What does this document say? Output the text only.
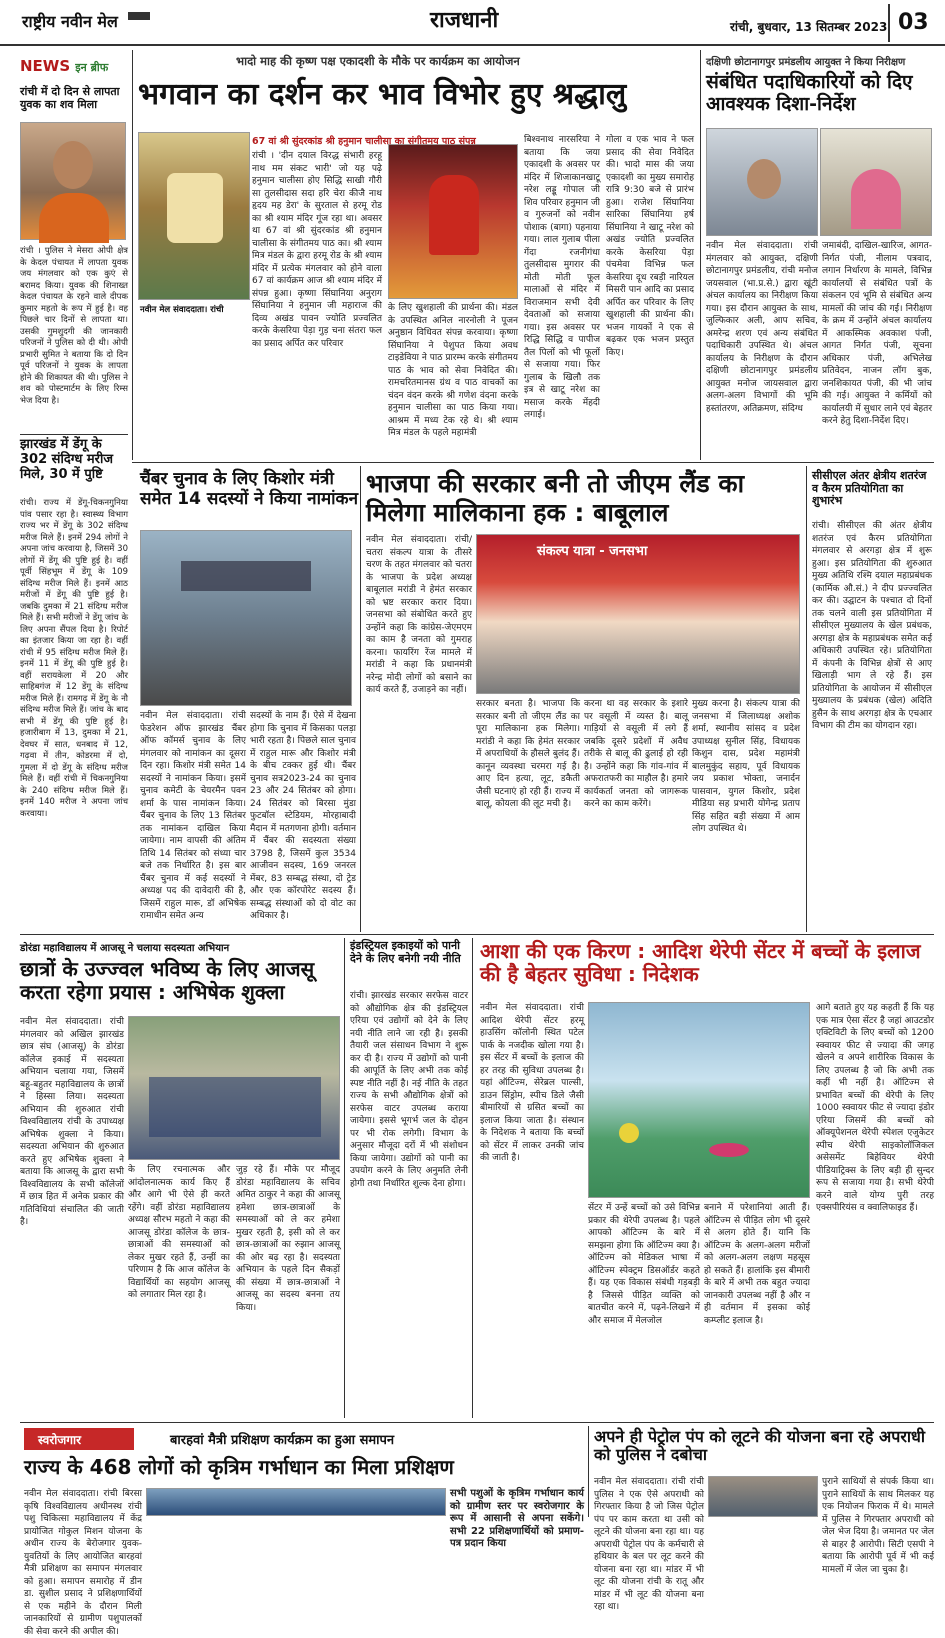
राष्ट्रीय नवीन मेल	राजधानी	रांची, बुधवार, 13 सितम्बर 2023 03
NEWS इन ब्रीफ
रांची में दो दिन से लापता युवक का शव मिला
रांची । पुलिस ने मेसरा ओपी क्षेत्र के केदल पंचायत में लापता युवक जय मंगलवार को एक कुएं से बरामद किया। युवक की शिनाख्त केदल पंचायत के रहने वाले दीपक कुमार महतो के रूप में हुई है। वह पिछले चार दिनों से लापता था। उसकी गुमशुदगी की जानकारी परिजनों ने पुलिस को दी थी। ओपी प्रभारी सुमित ने बताया कि दो दिन पूर्व परिजनों ने युवक के लापता होने की शिकायत की थी। पुलिस ने शव को पोस्टमार्टम के लिए रिम्स भेज दिया है।
झारखंड में डेंगू के 302 संदिग्ध मरीज मिले, 30 में पुष्टि
रांची। राज्य में डेंगू-चिकनगुनिया पांव पसार रहा है। स्वास्थ्य विभाग राज्य भर में डेंगू के 302 संदिग्ध मरीज मिले हैं। इनमें 294 लोगों ने अपना जांच करवाया है, जिसमें 30 लोगों में डेंगू की पुष्टि हुई है। वहीं पूर्वी सिंहभूम में डेंगू के 109 संदिग्ध मरीज मिले हैं। इनमें आठ मरीजों में डेंगू की पुष्टि हुई है। जबकि दुमका में 21 संदिग्ध मरीज मिले हैं। सभी मरीजों ने डेंगू जांच के लिए अपना सैंपल दिया है। रिपोर्ट का इंतजार किया जा रहा है। वहीं रांची में 95 संदिग्ध मरीज मिले हैं। इनमें 11 में डेंगू की पुष्टि हुई है। वहीं सरायकेला में 20 और साहिबगंज में 12 डेंगू के संदिग्ध मरीज मिले हैं। रामगढ़ में डेंगू के नौ संदिग्ध मरीज मिले हैं। जांच के बाद सभी में डेंगू की पुष्टि हुई है। हजारीबाग में 13, दुमका में 21, देवघर में सात, धनबाद में 12, गढ़वा में तीन, कोडरमा में दो, गुमला में दो डेंगू के संदिग्ध मरीज मिले हैं। वहीं रांची में चिकनगुनिया के 240 संदिग्ध मरीज मिले हैं। इनमें 140 मरीज ने अपना जांच करवाया।
भादो माह की कृष्ण पक्ष एकादशी के मौके पर कार्यक्रम का आयोजन
भगवान का दर्शन कर भाव विभोर हुए श्रद्धालु
67 वां श्री सुंदरकांड श्री हनुमान चालीसा का संगीतमय पाठ संपन्न
नवीन मेल संवाददाता। रांची
रांची । 'दीन दयाल विरद्ध संभारी हरहू नाथ मम संकट भारी' जो यह पढ़े हनुमान चालीसा होए सिद्धि साखी गौरी सा तुलसीदास सदा हरि चेरा कीजै नाथ हृदय मह डेरा' के सुरताल से हरमू रोड का श्री श्याम मंदिर गूंज रहा था। अवसर था 67 वां श्री सुंदरकांड श्री हनुमान चालीसा के संगीतमय पाठ का। श्री श्याम मित्र मंडल के द्वारा हरमू रोड के श्री श्याम मंदिर में प्रत्येक मंगलवार को होने वाला 67 वां कार्यक्रम आज श्री श्याम मंदिर में संपन्न हुआ। कृष्णा सिंघानिया अनुराग सिंघानिया ने हनुमान जी महाराज की दिव्य अखंड पावन ज्योति प्रज्वलित करके केसरिया पेड़ा गुड़ चना संतरा फल का प्रसाद अर्पित कर परिवार
के लिए खुशहाली की प्रार्थना की। मंडल के उपस्थित अनिल नारनोली ने पूजन अनुष्ठान विधिवत संपन्न करवाया। कृष्णा सिंघानिया ने पेशुपत किया अवध टाइडेविया ने पाठ प्रारम्भ करके संगीतमय पाठ के भाव को सेवा निवेदित की। रामचरितमानस ग्रंथ व पाठ वाचकों का चंदन वंदन करके श्री गणेश वंदना करके हनुमान चालीसा का पाठ किया गया। आश्रम में मध्य टेक रहे थे। श्री श्याम मित्र मंडल के पहले महामंत्री
बिश्वनाथ नारसरिया ने बताया कि जया एकादशी के अवसर पर मंदिर में शिजाकानखाटू नरेश लड्डू गोपाल जी शिव परिवार हनुमान जी व गुरुजनों को नवीन पोशाक (बागा) पहनाया गया। लाल गुलाब पीला गेंदा रजनीगंधा तुलसीदास मुगरार की मोती मोती फूल मालाओं से मंदिर में विराजमान सभी देवी देवताओं को सजाया गया। इस अवसर पर रिद्धि सिद्धि व पापीज तैल पिलों को भी फूलों से सजाया गया। फिर गुलाब के खिलौ तक इत्र से खाटू नरेश का मसाज करके मेंहदी लगाई।
गोला व एक भाव ने फल प्रसाद की सेवा निवेदित की। भादो मास की जया एकादशी का मुख्य समारोह रात्रि 9:30 बजे से प्रारंभ हुआ। राजेश सिंघानिया सारिका सिंघानिया हर्ष सिंघानिया ने खाटू नरेश को अखंड ज्योति प्रज्वलित करके केसरिया पेड़ा पंचमेवा विभिन्न फल केसरिया दूध रबड़ी नारियल मिसरी पान आदि का प्रसाद अर्पित कर परिवार के लिए खुशहाली की प्रार्थना की। भजन गायकों ने एक से बढ़कर एक भजन प्रस्तुत किए।
दक्षिणी छोटानागपुर प्रमंडलीय आयुक्त ने किया निरीक्षण
संबंधित पदाधिकारियों को दिए आवश्यक दिशा-निर्देश
नवीन मेल संवाददाता। रांची मंगलवार को आयुक्त, दक्षिणी छोटानागपुर प्रमंडलीय, रांची मनोज जयसवाल (भा.प्र.से.) द्वारा खूंटी अंचल कार्यालय का निरीक्षण किया गया। इस दौरान आयुक्त के साथ, जुल्फिकार अली, आप सचिव, अमरेन्द्र शरण एवं अन्य संबंधित पदाधिकारी उपस्थित थे। अंचल कार्यालय के निरीक्षण के दौरान दक्षिणी छोटानागपुर प्रमंडलीय आयुक्त मनोज जायसवाल द्वारा अलग-अलग विभागों की भूमि हस्तांतरण, अतिक्रमण, संदिग्ध
जमाबंदी, दाखिल-खारिज, आगत-निर्गत पंजी, नीलाम पत्रवाद, लगान निर्धारण के मामले, विभिन्न कार्यालयों से संबंधित पत्रों के संकलन एवं भूमि से संबंधित अन्य मामलों की जांच की गई। निरीक्षण के क्रम में उन्होंने अंचल कार्यालय में आकस्मिक अवकाश पंजी, आगत निर्गत पंजी, सूचना अधिकार पंजी, अभिलेख प्रतिवेदन, नाजन लॉग बुक, जनशिकायत पंजी, की भी जांच की गई। आयुक्त ने कर्मियों को कार्यालयी में सुधार लाने एवं बेहतर करने हेतु दिशा-निर्देश दिए।
चैंबर चुनाव के लिए किशोर मंत्री समेत 14 सदस्यों ने किया नामांकन
नवीन मेल संवाददाता। रांची फेडरेशन ऑफ झारखंड चैंबर ऑफ कॉमर्स चुनाव के लिए मंगलवार को नामांकन का दूसरा दिन रहा। किशोर मंत्री समेत 14 सदस्यों ने नामांकन किया। इसमें चुनाव कमेटी के चेयरमैन पवन शर्मा के पास नामांकन किया। चैंबर चुनाव के लिए 13 सितंबर तक नामांकन दाखिल किया जायेगा। नाम वापसी की अंतिम तिथि 14 सितंबर को संध्या चार बजे तक निर्धारित है। इस बार चैंबर चुनाव में कई सदस्यों ने अध्यक्ष पद की दावेदारी की है, जिसमें राहुल मारू, डॉ अभिषेक रामाधीन समेत अन्य
सदस्यों के नाम हैं। ऐसे में देखना होगा कि चुनाव में किसका पलड़ा भारी रहता है। पिछले साल चुनाव में राहुल मारू और किशोर मंत्री के बीच टक्कर हुई थी। चैंबर चुनाव सत्र2023-24 का चुनाव 23 और 24 सितंबर को होगा। 24 सितंबर को बिरसा मुंडा फुटबॉल स्टेडियम, मोरहाबादी मैदान में मतगणना होगी। वर्तमान में चैंबर की सदस्यता संख्या 3798 है, जिसमें कुल 3534 आजीवन सदस्य, 169 जनरल मेंबर, 83 सम्बद्ध संस्था, दो ट्रेड और एक कॉरपोरेट सदस्य हैं। सम्बद्ध संस्थाओं को दो वोट का अधिकार है।
भाजपा की सरकार बनी तो जीएम लैंड का मिलेगा मालिकाना हक : बाबूलाल
संकल्प यात्रा - जनसभा
नवीन मेल संवाददाता। रांची/चतरा संकल्प यात्रा के तीसरे चरण के तहत मंगलवार को चतरा के भाजपा के प्रदेश अध्यक्ष बाबूलाल मरांडी ने हेमंत सरकार को भ्रष्ट सरकार करार दिया। जनसभा को संबोधित करते हुए उन्होंने कहा कि कांग्रेस-जेएमएम का काम है जनता को गुमराह करना। फायरिंग रेंज मामले में मरांडी ने कहा कि प्रधानमंत्री नरेन्द्र मोदी लोगों को बसाने का कार्य करते हैं, उजाड़ने का नहीं।
सरकार बनता है। भाजपा कि सरकार बनी तो जीएम लैंड का पूरा मालिकाना हक मिलेगा। मरांडी ने कहा कि हेमंत सरकार में अपराधियों के हौसले बुलंद हैं। कानून व्यवस्था चरमरा गई है। आए दिन हत्या, लूट, डकैती जैसी घटनाएं हो रही हैं। राज्य में बालू, कोयला की लूट मची है।
करना था वह सरकार के इशारे पर वसूली में व्यस्त है। बालू गाड़ियों से वसूली में लगे हैं जबकि दूसरे प्रदेशों में अवैध तरीके से बालू की ढुलाई हो रही है। उन्होंने कहा कि गांव-गांव में अफरातफरी का माहौल है। हमारे कार्यकर्ता जनता को जागरूक करने का काम करेंगे।
मुख्य करना है। संकल्प यात्रा की जनसभा में जिलाध्यक्ष अशोक शर्मा, स्थानीय सांसद व प्रदेश उपाध्यक्ष सुनील सिंह, विधायक किशुन दास, प्रदेश महामंत्री बालमुकुंद सहाय, पूर्व विधायक जय प्रकाश भोक्ता, जनार्दन पासवान, युगल किशोर, प्रदेश मीडिया सह प्रभारी योगेन्द्र प्रताप सिंह सहित बड़ी संख्या में आम लोग उपस्थित थे।
सीसीएल अंतर क्षेत्रीय शतरंज व कैरम प्रतियोगिता का शुभारंभ
रांची। सीसीएल की अंतर क्षेत्रीय शतरंज एवं कैरम प्रतियोगिता मंगलवार से अरगड़ा क्षेत्र में शुरू हुआ। इस प्रतियोगिता की शुरुआत मुख्य अतिथि रश्मि दयाल महाप्रबंधक (कार्मिक औ.सं.) ने दीप प्रज्ज्वलित कर की। उद्घाटन के पश्चात दो दिनों तक चलने वाली इस प्रतियोगिता में सीसीएल मुख्यालय के खेल प्रबंधक, अरगड़ा क्षेत्र के महाप्रबंधक समेत कई अधिकारी उपस्थित रहे। प्रतियोगिता में कंपनी के विभिन्न क्षेत्रों से आए खिलाड़ी भाग ले रहे हैं। इस प्रतियोगिता के आयोजन में सीसीएल मुख्यालय के प्रबंधक (खेल) अदिति हुसैन के साथ अरगड़ा क्षेत्र के एचआर विभाग की टीम का योगदान रहा।
डोरंडा महाविद्यालय में आजसू ने चलाया सदस्यता अभियान
छात्रों के उज्ज्वल भविष्य के लिए आजसू करता रहेगा प्रयास : अभिषेक शुक्ला
नवीन मेल संवाददाता। रांची मंगलवार को अखिल झारखंड छात्र संघ (आजसू) के डोरंडा कॉलेज इकाई में सदस्यता अभियान चलाया गया, जिसमें बहू-बहुतर महाविद्यालय के छात्रों ने हिस्सा लिया। सदस्यता अभियान की शुरुआत रांची विश्वविद्यालय रांची के उपाध्यक्ष अभिषेक शुक्ला ने किया। सदस्यता अभियान की शुरुआत करते हुए अभिषेक शुक्ला ने बताया कि आजसू के द्वारा सभी विश्वविद्यालय के सभी कॉलेजों में छात्र हित में अनेक प्रकार की गतिविधियां संचालित की जाती है।
के लिए रचनात्मक और आंदोलनात्मक कार्य किए हैं और आगे भी ऐसे ही करते रहेंगे। वहीं डोरंडा महाविद्यालय अध्यक्ष सौरभ महतो ने कहा की आजसू डोरंडा कॉलेज के छात्र-छात्राओं की समस्याओं को लेकर मुखर रहते हैं, उन्हीं का परिणाम है कि आज कॉलेज के विद्यार्थियों का सहयोग आजसू को लगातार मिल रहा है।
जुड़ रहे हैं। मौके पर मौजूद डोरंडा महाविद्यालय के सचिव अमित ठाकुर ने कहा की आजसू हमेशा छात्र-छात्राओं के समस्याओं को ले कर हमेशा मुखर रहती है, इसी को ले कर छात्र-छात्राओं का रुझान आजसू की ओर बढ़ रहा है। सदस्यता अभियान के पहले दिन सैकड़ों की संख्या में छात्र-छात्राओं ने आजसू का सदस्य बनना तय किया।
इंडस्ट्रियल इकाइयों को पानी देने के लिए बनेगी नयी नीति
रांची। झारखंड सरकार सरफेस वाटर को औद्योगिक क्षेत्र की इंडस्ट्रियल एरिया एवं उद्योगों को देने के लिए नयी नीति लाने जा रही है। इसकी तैयारी जल संसाधन विभाग ने शुरू कर दी है। राज्य में उद्योगों को पानी की आपूर्ति के लिए अभी तक कोई स्पष्ट नीति नहीं है। नई नीति के तहत राज्य के सभी औद्योगिक क्षेत्रों को सरफेस वाटर उपलब्ध कराया जायेगा। इससे भूगर्भ जल के दोहन पर भी रोक लगेगी। विभाग के अनुसार मौजूदा दरों में भी संशोधन किया जायेगा। उद्योगों को पानी का उपयोग करने के लिए अनुमति लेनी होगी तथा निर्धारित शुल्क देना होगा।
आशा की एक किरण : आदिश थेरेपी सेंटर में बच्चों के इलाज की है बेहतर सुविधा : निदेशक
नवीन मेल संवाददाता। रांची आदिश थेरेपी सेंटर हरमू हाउसिंग कॉलोनी स्थित पटेल पार्क के नजदीक खोला गया है। इस सेंटर में बच्चों के इलाज की हर तरह की सुविधा उपलब्ध है। यहां ऑटिज्म, सेरेब्रल पाल्सी, डाउन सिंड्रोम, स्पीच डिले जैसी बीमारियों से ग्रसित बच्चों का इलाज किया जाता है। संस्थान के निदेशक ने बताया कि बच्चों को सेंटर में लाकर उनकी जांच की जाती है।
सेंटर में उन्हें बच्चों को उसे विभिन्न प्रकार की थेरेपी उपलब्ध है। पहले आपको ऑटिज्म के बारे में समझना होगा कि ऑटिज्म क्या है। ऑटिज्म को मेडिकल भाषा में ऑटिज्म स्पेक्ट्रम डिसऑर्डर कहते हैं। यह एक विकास संबंधी गड़बड़ी है जिससे पीड़ित व्यक्ति को बातचीत करने में, पढ़ने-लिखने में और समाज में मेलजोल
बनाने में परेशानियां आती हैं। ऑटिज्म से पीड़ित लोग भी दूसरे से अलग होते हैं। यानि कि ऑटिज्म के अलग-अलग मरीजों को अलग-अलग लक्षण महसूस हो सकते हैं। हालांकि इस बीमारी के बारे में अभी तक बहुत ज्यादा जानकारी उपलब्ध नहीं है और न ही वर्तमान में इसका कोई कम्प्लीट इलाज है।
आगे बताते हुए यह कहती हैं कि यह एक मात्र ऐसा सेंटर है जहां आउटडोर एक्टिविटी के लिए बच्चों को 1200 स्क्वायर फीट से ज्यादा की जगह खेलने व अपने शारीरिक विकास के लिए उपलब्ध है जो कि अभी तक कहीं भी नहीं है। ऑटिज्म से प्रभावित बच्चों की थेरेपी के लिए 1000 स्क्वायर फीट से ज्यादा इंडोर एरिया जिसमें की बच्चों को ऑक्यूपेशनल थेरेपी स्पेशल एजुकेटर स्पीच थेरेपी साइकोलॉजिकल असेसमेंट बिहेवियर थेरेपी पीडियाट्रिक्स के लिए बड़ी ही सुन्दर रूप से सजाया गया है। सभी थेरेपी करने वाले योग्य पुरी तरह एक्सपीरियंस व क्वालिफाइड हैं।
स्वरोजगार	बारहवां मैत्री प्रशिक्षण कार्यक्रम का हुआ समापन
राज्य के 468 लोगों को कृत्रिम गर्भाधान का मिला प्रशिक्षण
नवीन मेल संवाददाता। रांची बिरसा कृषि विश्वविद्यालय अधीनस्थ रांची पशु चिकित्सा महाविद्यालय में केंद्र प्रायोजित गोकुल मिशन योजना के अधीन राज्य के बेरोजगार युवक-युवतियों के लिए आयोजित बारहवां मैत्री प्रशिक्षण का समापन मंगलवार को हुआ। समापन समारोह में डीन डा. सुशील प्रसाद ने प्रशिक्षणार्थियों से एक महीने के दौरान मिली जानकारियों से ग्रामीण पशुपालकों की सेवा करने की अपील की।
सभी पशुओं के कृत्रिम गर्भाधान कार्य को ग्रामीण स्तर पर स्वरोजगार के रूप में आसानी से अपना सकेंगे। सभी 22 प्रशिक्षणार्थियों को प्रमाण-पत्र प्रदान किया
अपने ही पेट्रोल पंप को लूटने की योजना बना रहे अपराधी को पुलिस ने दबोचा
नवीन मेल संवाददाता। रांची रांची पुलिस ने एक ऐसे अपराधी को गिरफ्तार किया है जो जिस पेट्रोल पंप पर काम करता था उसी को लूटने की योजना बना रहा था। यह अपराधी पेट्रोल पंप के कर्मचारी से हथियार के बल पर लूट करने की योजना बना रहा था। मांडर में भी लूट की योजना रांची के रातू और मांडर में भी लूट की योजना बना रहा था।
पुराने साथियों से संपर्क किया था। पुराने साथियों के साथ मिलकर यह एक नियोजन फिराक में थे। मामले में पुलिस ने गिरफ्तार अपराधी को जेल भेज दिया है। जमानत पर जेल से बाहर है आरोपी। सिटी एसपी ने बताया कि आरोपी पूर्व में भी कई मामलों में जेल जा चुका है।
